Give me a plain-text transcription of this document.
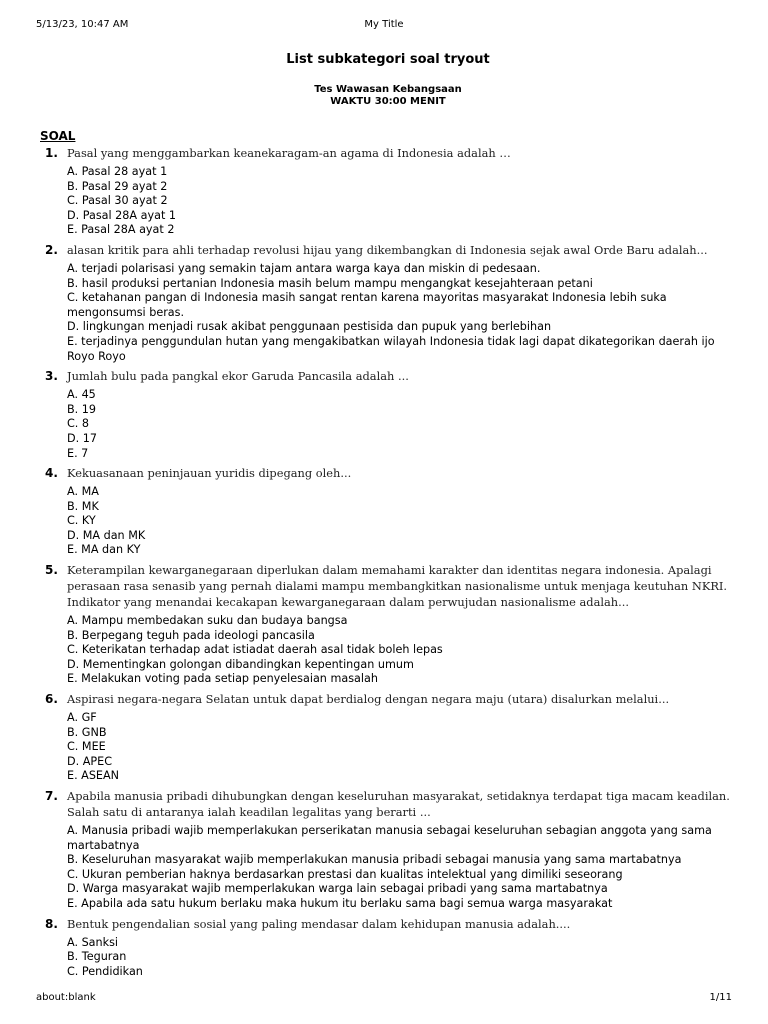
5/13/23, 10:47 AM	My Title
List subkategori soal tryout
Tes Wawasan Kebangsaan
WAKTU 30:00 MENIT
SOAL
1. Pasal yang menggambarkan keanekaragam-an agama di Indonesia adalah …
A. Pasal 28 ayat 1
B. Pasal 29 ayat 2
C. Pasal 30 ayat 2
D. Pasal 28A ayat 1
E. Pasal 28A ayat 2
2. alasan kritik para ahli terhadap revolusi hijau yang dikembangkan di Indonesia sejak awal Orde Baru adalah...
A. terjadi polarisasi yang semakin tajam antara warga kaya dan miskin di pedesaan.
B. hasil produksi pertanian Indonesia masih belum mampu mengangkat kesejahteraan petani
C. ketahanan pangan di Indonesia masih sangat rentan karena mayoritas masyarakat Indonesia lebih suka mengonsumsi beras.
D. lingkungan menjadi rusak akibat penggunaan pestisida dan pupuk yang berlebihan
E. terjadinya penggundulan hutan yang mengakibatkan wilayah Indonesia tidak lagi dapat dikategorikan daerah ijo Royo Royo
3. Jumlah bulu pada pangkal ekor Garuda Pancasila adalah ...
A. 45
B. 19
C. 8
D. 17
E. 7
4. Kekuasanaan peninjauan yuridis dipegang oleh...
A. MA
B. MK
C. KY
D. MA dan MK
E. MA dan KY
5. Keterampilan kewarganegaraan diperlukan dalam memahami karakter dan identitas negara indonesia. Apalagi perasaan rasa senasib yang pernah dialami mampu membangkitkan nasionalisme untuk menjaga keutuhan NKRI. Indikator yang menandai kecakapan kewarganegaraan dalam perwujudan nasionalisme adalah...
A. Mampu membedakan suku dan budaya bangsa
B. Berpegang teguh pada ideologi pancasila
C. Keterikatan terhadap adat istiadat daerah asal tidak boleh lepas
D. Mementingkan golongan dibandingkan kepentingan umum
E. Melakukan voting pada setiap penyelesaian masalah
6. Aspirasi negara-negara Selatan untuk dapat berdialog dengan negara maju (utara) disalurkan melalui...
A. GF
B. GNB
C. MEE
D. APEC
E. ASEAN
7. Apabila manusia pribadi dihubungkan dengan keseluruhan masyarakat, setidaknya terdapat tiga macam keadilan. Salah satu di antaranya ialah keadilan legalitas yang berarti ...
A. Manusia pribadi wajib memperlakukan perserikatan manusia sebagai keseluruhan sebagian anggota yang sama martabatnya
B. Keseluruhan masyarakat wajib memperlakukan manusia pribadi sebagai manusia yang sama martabatnya
C. Ukuran pemberian haknya berdasarkan prestasi dan kualitas intelektual yang dimiliki seseorang
D. Warga masyarakat wajib memperlakukan warga lain sebagai pribadi yang sama martabatnya
E. Apabila ada satu hukum berlaku maka hukum itu berlaku sama bagi semua warga masyarakat
8. Bentuk pengendalian sosial yang paling mendasar dalam kehidupan manusia adalah....
A. Sanksi
B. Teguran
C. Pendidikan
about:blank	1/11
